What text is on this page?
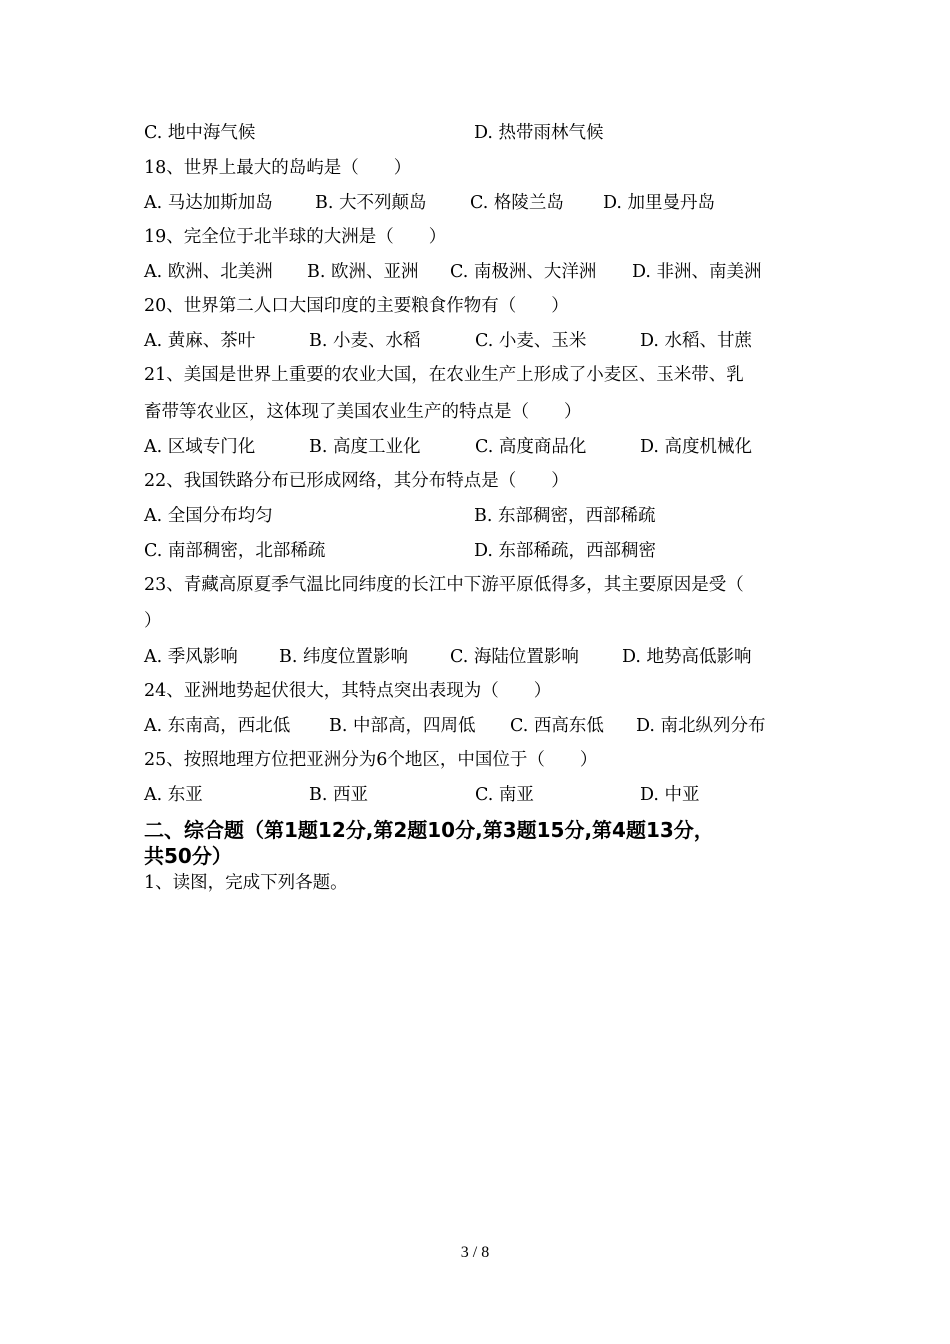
C. 地中海气候	D. 热带雨林气候
18、世界上最大的岛屿是（　　）
A. 马达加斯加岛 B. 大不列颠岛 C. 格陵兰岛 D. 加里曼丹岛
19、完全位于北半球的大洲是（　　）
A. 欧洲、北美洲 B. 欧洲、亚洲 C. 南极洲、大洋洲 D. 非洲、南美洲
20、世界第二人口大国印度的主要粮食作物有（　　）
A. 黄麻、茶叶	B. 小麦、水稻	C. 小麦、玉米	D. 水稻、甘蔗
21、美国是世界上重要的农业大国，在农业生产上形成了小麦区、玉米带、乳
畜带等农业区，这体现了美国农业生产的特点是（　　）
A. 区域专门化	B. 高度工业化	C. 高度商品化	D. 高度机械化
22、我国铁路分布已形成网络，其分布特点是（　　）
A. 全国分布均匀	B. 东部稠密，西部稀疏
C. 南部稠密，北部稀疏	D. 东部稀疏，西部稠密
23、青藏高原夏季气温比同纬度的长江中下游平原低得多，其主要原因是受（
）
A. 季风影响 B. 纬度位置影响 C. 海陆位置影响 D. 地势高低影响
24、亚洲地势起伏很大，其特点突出表现为（　　）
A. 东南高，西北低 B. 中部高，四周低 C. 西高东低 D. 南北纵列分布
25、按照地理方位把亚洲分为6个地区，中国位于（　　）
A. 东亚	B. 西亚	C. 南亚	D. 中亚
二、综合题（第1题12分,第2题10分,第3题15分,第4题13分，
共50分）
1、读图，完成下列各题。
3 / 8
